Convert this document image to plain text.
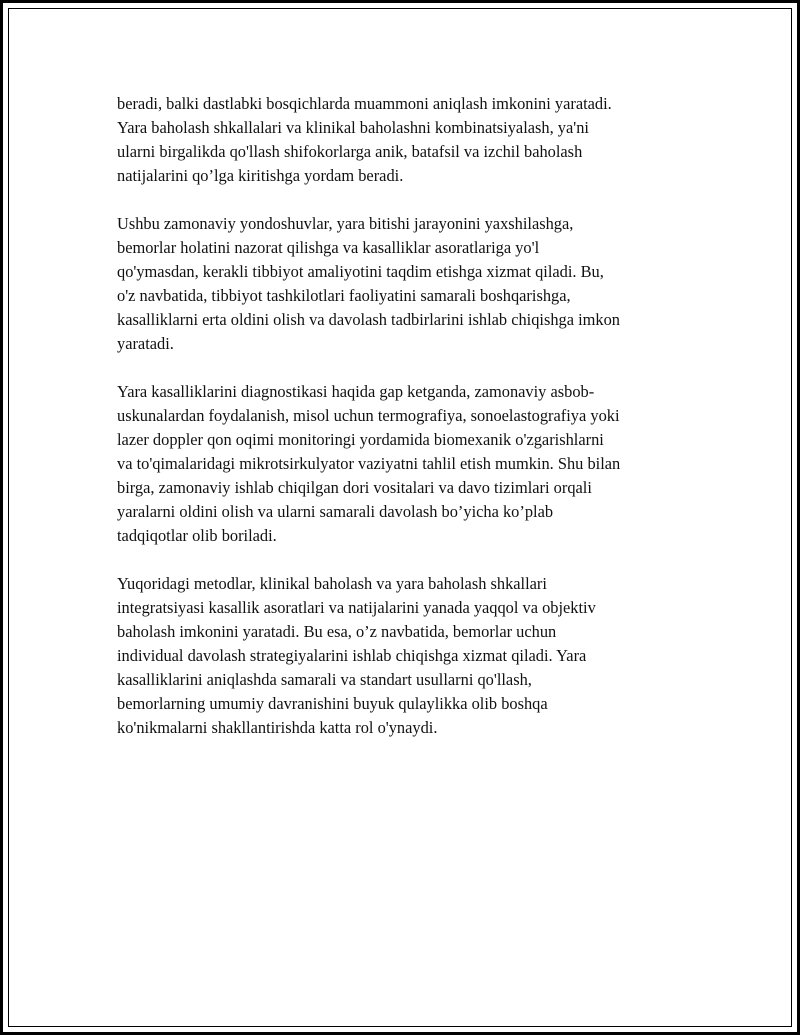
beradi, balki dastlabki bosqichlarda muammoni aniqlash imkonini yaratadi.
Yara baholash shkallalari va klinikal baholashni kombinatsiyalash, ya'ni
ularni birgalikda qo'llash shifokorlarga anik, batafsil va izchil baholash
natijalarini qo’lga kiritishga yordam beradi.
Ushbu zamonaviy yondoshuvlar, yara bitishi jarayonini yaxshilashga,
bemorlar holatini nazorat qilishga va kasalliklar asoratlariga yo'l
qo'ymasdan, kerakli tibbiyot amaliyotini taqdim etishga xizmat qiladi. Bu,
o'z navbatida, tibbiyot tashkilotlari faoliyatini samarali boshqarishga,
kasalliklarni erta oldini olish va davolash tadbirlarini ishlab chiqishga imkon
yaratadi.
Yara kasalliklarini diagnostikasi haqida gap ketganda, zamonaviy asbob-
uskunalardan foydalanish, misol uchun termografiya, sonoelastografiya yoki
lazer doppler qon oqimi monitoringi yordamida biomexanik o'zgarishlarni
va to'qimalaridagi mikrotsirkulyator vaziyatni tahlil etish mumkin. Shu bilan
birga, zamonaviy ishlab chiqilgan dori vositalari va davo tizimlari orqali
yaralarni oldini olish va ularni samarali davolash bo’yicha ko’plab
tadqiqotlar olib boriladi.
Yuqoridagi metodlar, klinikal baholash va yara baholash shkallari
integratsiyasi kasallik asoratlari va natijalarini yanada yaqqol va objektiv
baholash imkonini yaratadi. Bu esa, o’z navbatida, bemorlar uchun
individual davolash strategiyalarini ishlab chiqishga xizmat qiladi. Yara
kasalliklarini aniqlashda samarali va standart usullarni qo'llash,
bemorlarning umumiy davranishini buyuk qulaylikka olib boshqa
ko'nikmalarni shakllantirishda katta rol o'ynaydi.
